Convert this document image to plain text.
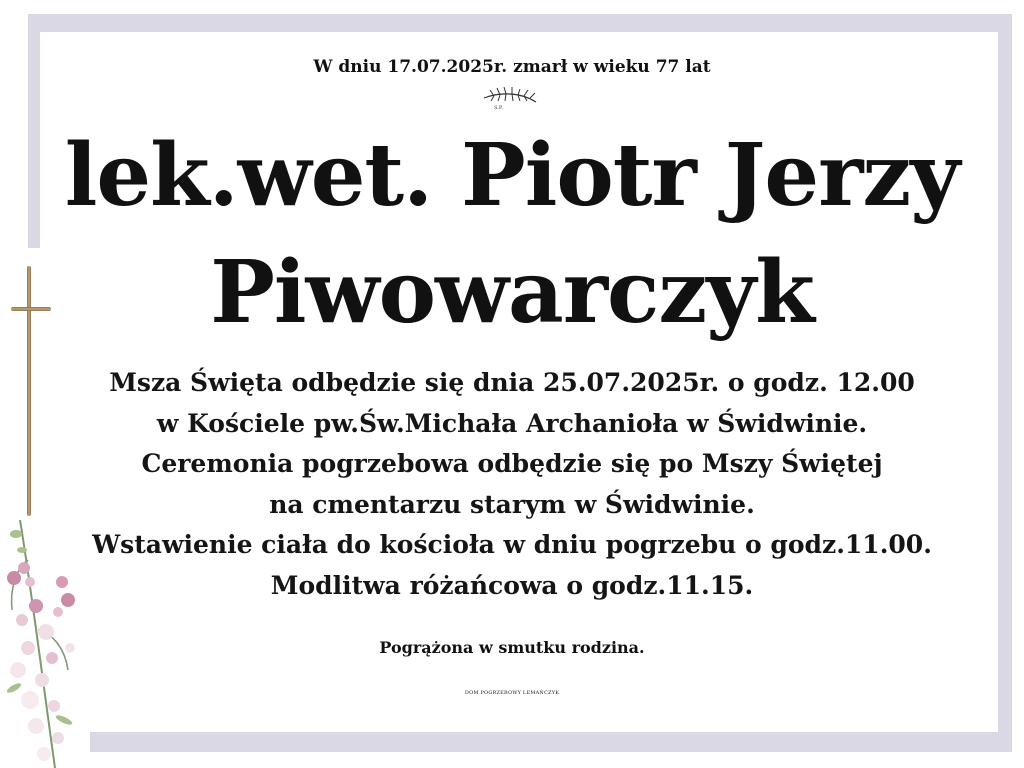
W dniu 17.07.2025r. zmarł w wieku 77 lat
S.P.
lek.wet. Piotr Jerzy
Piwowarczyk
Msza Święta odbędzie się dnia 25.07.2025r. o godz. 12.00
w Kościele pw.Św.Michała Archanioła w Świdwinie.
Ceremonia pogrzebowa odbędzie się po Mszy Świętej
na cmentarzu starym w Świdwinie.
Wstawienie ciała do kościoła w dniu pogrzebu o godz.11.00.
Modlitwa różańcowa o godz.11.15.
Pogrążona w smutku rodzina.
DOM POGRZEBOWY LEMAŃCZYK
